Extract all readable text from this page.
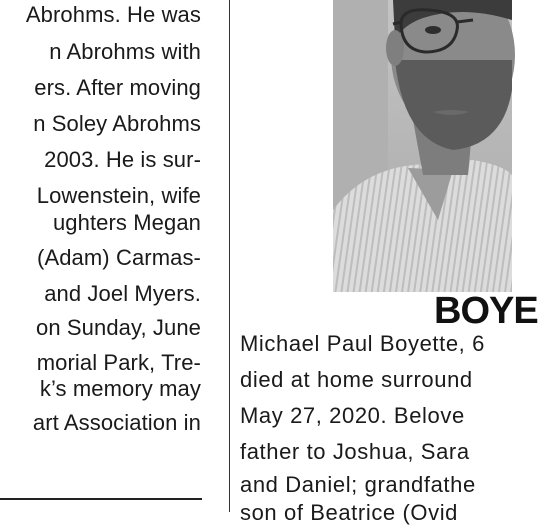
Abrohms. He was
n Abrohms with
ers. After moving
n Soley Abrohms
2003. He is sur-
Lowenstein, wife
ughters Megan
(Adam) Carmas-
and Joel Myers.
on Sunday, June
morial Park, Tre-
k’s memory may
art Association in
BOYE
Michael Paul Boyette, 6
died at home surround
May 27, 2020. Belove
father to Joshua, Sara
and Daniel; grandfathe
son of Beatrice (Ovid
